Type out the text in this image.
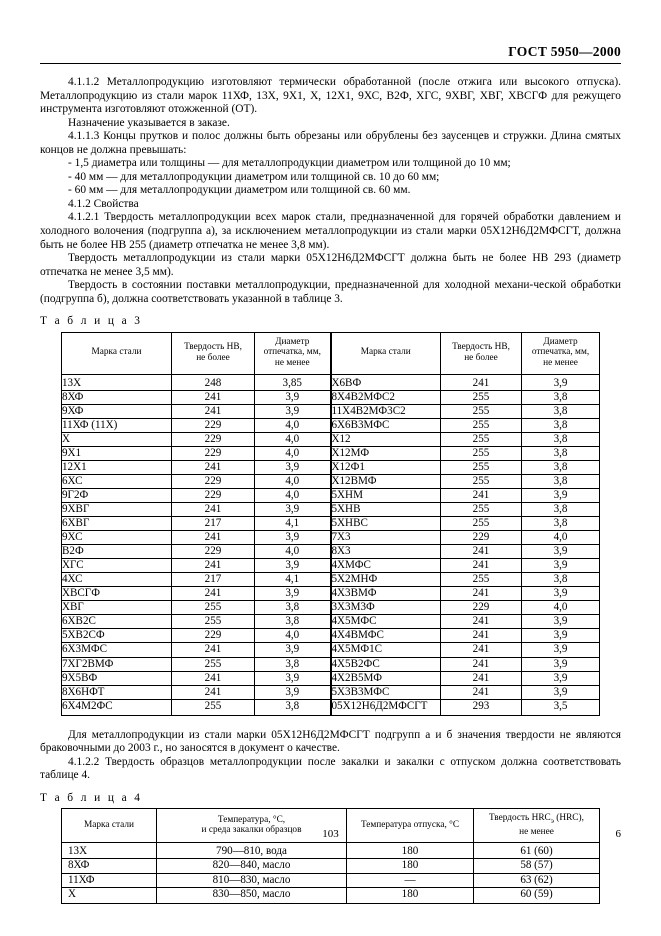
ГОСТ 5950—2000

4.1.1.2 Металлопродукцию изготовляют термически обработанной (после отжига или высокого отпуска). Металлопродукцию из стали марок 11ХФ, 13Х, 9Х1, Х, 12Х1, 9ХС, В2Ф, ХГС, 9ХВГ, ХВГ, ХВСГФ для режущего инструмента изготовляют отожженной (ОТ).

Назначение указывается в заказе.

4.1.1.3 Концы прутков и полос должны быть обрезаны или обрублены без заусенцев и стружки. Длина смятых концов не должна превышать:

- 1,5 диаметра или толщины — для металлопродукции диаметром или толщиной до 10 мм;

- 40 мм — для металлопродукции диаметром или толщиной св. 10 до 60 мм;

- 60 мм — для металлопродукции диаметром или толщиной св. 60 мм.

4.1.2 Свойства

4.1.2.1 Твердость металлопродукции всех марок стали, предназначенной для горячей обработки давлением и холодного волочения (подгруппа а), за исключением металлопродукции из стали марки 05Х12Н6Д2МФСГТ, должна быть не более НВ 255 (диаметр отпечатка не менее 3,8 мм).

Твердость металлопродукции из стали марки 05Х12Н6Д2МФСГТ должна быть не более НВ 293 (диаметр отпечатка не менее 3,5 мм).

Твердость в состоянии поставки металлопродукции, предназначенной для холодной механи-ческой обработки (подгруппа б), должна соответствовать указанной в таблице 3.

Т а б л и ц а 3

Марка стали	Твердость НВ,
не более	Диаметр
отпечатка, мм,
не менее	Марка стали	Твердость НВ,
не более	Диаметр
отпечатка, мм,
не менее
13Х	248	3,85	Х6ВФ	241	3,9
8ХФ	241	3,9	8Х4В2МФС2	255	3,8
9ХФ	241	3,9	11Х4В2МФ3С2	255	3,8
11ХФ (11Х)	229	4,0	6Х6В3МФС	255	3,8
Х	229	4,0	Х12	255	3,8
9Х1	229	4,0	Х12МФ	255	3,8
12Х1	241	3,9	Х12Ф1	255	3,8
6ХС	229	4,0	Х12ВМФ	255	3,8
9Г2Ф	229	4,0	5ХНМ	241	3,9
9ХВГ	241	3,9	5ХНВ	255	3,8
6ХВГ	217	4,1	5ХНВС	255	3,8
9ХС	241	3,9	7Х3	229	4,0
В2Ф	229	4,0	8Х3	241	3,9
ХГС	241	3,9	4ХМФС	241	3,9
4ХС	217	4,1	5Х2МНФ	255	3,8
ХВСГФ	241	3,9	4Х3ВМФ	241	3,9
ХВГ	255	3,8	3Х3М3Ф	229	4,0
6ХВ2С	255	3,8	4Х5МФС	241	3,9
5ХВ2СФ	229	4,0	4Х4ВМФС	241	3,9
6Х3МФС	241	3,9	4Х5МФ1С	241	3,9
7ХГ2ВМФ	255	3,8	4Х5В2ФС	241	3,9
9Х5ВФ	241	3,9	4Х2В5МФ	241	3,9
8Х6НФТ	241	3,9	5Х3В3МФС	241	3,9
6Х4М2ФС	255	3,8	05Х12Н6Д2МФСГТ	293	3,5

Для металлопродукции из стали марки 05Х12Н6Д2МФСГТ подгрупп а и б значения твердости не являются браковочными до 2003 г., но заносятся в документ о качестве.

4.1.2.2 Твердость образцов металлопродукции после закалки и закалки с отпуском должна соответствовать таблице 4.

Т а б л и ц а 4

Марка стали	Температура, °С,
и среда закалки образцов	Температура отпуска, °С	Твердость $HRC_э$ (HRC),
не менее
13Х	790—810, вода	180	61 (60)
8ХФ	820—840, масло	180	58 (57)
11ХФ	810—830, масло	—	63 (62)
Х	830—850, масло	180	60 (59)
103	6
